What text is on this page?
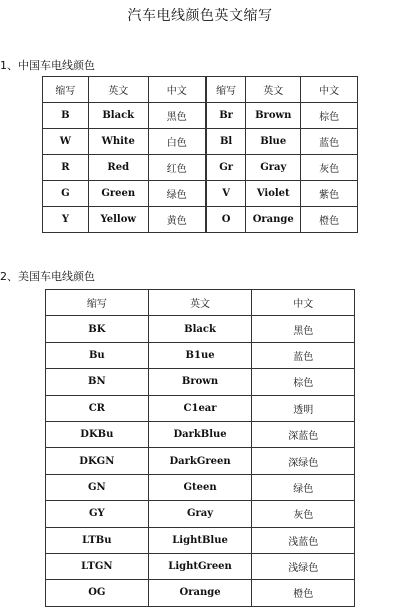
汽车电线颜色英文缩写
1、中国车电线颜色
缩写	英文	中文	缩写	英文	中文
B	Black	黑色	Br	Brown	棕色
W	White	白色	Bl	Blue	蓝色
R	Red	红色	Gr	Gray	灰色
G	Green	绿色	V	Violet	紫色
Y	Yellow	黄色	O	Orange	橙色
2、美国车电线颜色
缩写	英文	中文
BK	Black	黑色
Bu	B1ue	蓝色
BN	Brown	棕色
CR	C1ear	透明
DKBu	DarkBlue	深蓝色
DKGN	DarkGreen	深绿色
GN	Gteen	绿色
GY	Gray	灰色
LTBu	LightBlue	浅蓝色
LTGN	LightGreen	浅绿色
OG	Orange	橙色
